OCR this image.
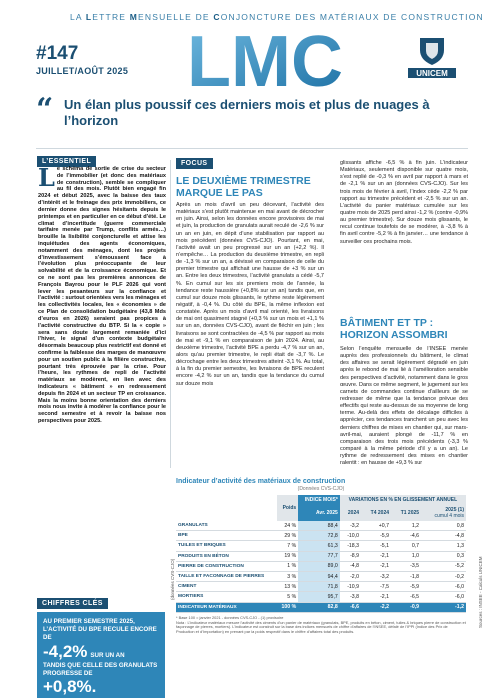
LA LETTRE MENSUELLE DE CONJONCTURE DES MATÉRIAUX DE CONSTRUCTION
#147
JUILLET/AOÛT 2025 LMC	UNICEM
“ Un élan plus poussif ces derniers mois et plus de nuages à l’horizon
L’ESSENTIEL
Le schéma de sortie de crise du secteur de l’immobilier (et donc des matériaux de construction), semble se compliquer au fil des mois. Plutôt bien engagé fin 2024 et début 2025, avec la baisse des taux d’intérêt et le freinage des prix immobiliers, ce dernier donne des signes hésitants depuis le printemps et en particulier en ce début d’été. Le climat d’incertitude (guerre commerciale tarifaire menée par Trump, conflits armés…) brouille la lisibilité conjoncturelle et attise les inquiétudes des agents économiques, notamment des ménages, dont les projets d’investissement s’émoussent face à l’évolution plus préoccupante de leur solvabilité et de la croissance économique. Et ce ne sont pas les premières annonces de François Bayrou pour le PLF 2026 qui vont lever les pesanteurs sur la confiance et l’activité : surtout orientées vers les ménages et les collectivités locales, les « économies » de ce Plan de consolidation budgétaire (43,8 Mds d’euros en 2026) seraient pas propices à l’activité constructive du BTP. Si la « copie » sera sans doute largement remaniée d’ici l’hiver, le signal d’un contexte budgétaire désormais beaucoup plus restrictif est donné et confirme la faiblesse des marges de manœuvre pour un soutien public à la filière constructive, pourtant très éprouvée par la crise. Pour l’heure, les rythmes de repli de l’activité matériaux se modèrent, en lien avec des indicateurs « bâtiment » en redressement depuis fin 2024 et un secteur TP en croissance. Mais la moins bonne orientation des derniers mois nous invite à modérer la confiance pour le second semestre et à revoir la baisse nos perspectives pour 2025.
CHIFFRES CLÉS
AU PREMIER SEMESTRE 2025, L’ACTIVITÉ DU BPE RECULE ENCORE DE
-4,2% SUR UN AN
TANDIS QUE CELLE DES GRANULATS PROGRESSE DE
+0,8%.
(données CVS-CJO)
FOCUS
LE DEUXIÈME TRIMESTRE MARQUE LE PAS
Après un mois d’avril un peu décevant, l’activité des matériaux s’est plutôt maintenue en mai avant de décrocher en juin. Ainsi, selon les données encore provisoires de mai et juin, la production de granulats aurait reculé de -2,6 % sur un an en juin, en dépit d’une stabilisation par rapport au mois précédent (données CVS-CJO). Pourtant, en mai, l’activité avait un peu progressé sur un an (+2,2 %). Il n’empêche… La production du deuxième trimestre, en repli de -1,3 % sur un an, a dévissé en comparaison de celle du premier trimestre qui affichait une hausse de +3 % sur un an. Entre les deux trimestres, l’activité granulats a cédé -5,7 %. En cumul sur les six premiers mois de l’année, la tendance reste haussière (+0,8% sur un an) tandis que, en cumul sur douze mois glissants, le rythme reste légèrement négatif, à -0,4 %. Du côté du BPE, la même inflexion est constatée. Après un mois d’avril mal orienté, les livraisons de mai ont quasiment stagné (+0,3 % sur un mois et +1,1 % sur un an, données CVS-CJO), avant de fléchir en juin ; les livraisons se sont contractées de -4,5 % par rapport au mois de mai et -9,1 % en comparaison de juin 2024. Ainsi, au deuxième trimestre, l’activité BPE a perdu -4,7 % sur un an, alors qu’au premier trimestre, le repli était de -3,7 %. Le décrochage entre les deux trimestres atteint -3,1 %. Au total, à la fin du premier semestre, les livraisons de BPE reculent encore -4,2 % sur un an, tandis que la tendance du cumul sur douze mois
glissants affiche -6,5 % à fin juin. L’indicateur Matériaux, seulement disponible sur quatre mois, s’est replié de -0,3 % en avril par rapport à mars et de -2,1 % sur un an (données CVS-CJO). Sur les trois mois de février à avril, l’index cède -2,2 % par rapport au trimestre précédent et -2,5 % sur un an. L’activité du panier matériaux cumulée sur les quatre mois de 2025 perd ainsi -1,2 % (contre -0,9% au premier trimestre). Sur douze mois glissants, le recul continue toutefois de se modérer, à -3,8 % à fin avril contre -5,2 % à fin janvier… une tendance à surveiller ces prochains mois.
BÂTIMENT ET TP : HORIZON ASSOMBRI
Selon l’enquête mensuelle de l’INSEE menée auprès des professionnels du bâtiment, le climat des affaires se serait légèrement dégradé en juin après le rebond de mai lié à l’amélioration sensible des perspectives d’activité, notamment dans le gros œuvre. Dans ce même segment, le jugement sur les carnets de commandes continue d’ailleurs de se redresser de même que la tendance prévue des effectifs qui reste au-dessus de sa moyenne de long terme. Au-delà des effets de décalage difficiles à apprécier, ces tendances tranchent un peu avec les derniers chiffres de mises en chantier qui, sur mars-avril-mai, auraient plongé de -11,7 % en comparaison des trois mois précédents (-3,3 % comparé à la même période d’il y a un an). Le rythme de redressement des mises en chantier ralentit : en hausse de +9,3 % sur
Indicateur d’activité des matériaux de construction
(Données CVS-CJO)
	Poids	INDICE MOIS*	VARIATIONS EN % EN GLISSEMENT ANNUEL			
		Avr. 2025	2024	T4 2024	T1 2025	2025 (1)
cumul 4 mois
GRANULATS	24 %	88,4	-3,2	+0,7	1,2	0,8
BPE	29 %	72,8	-10,0	-5,9	-4,6	-4,8
TUILES ET BRIQUES	7 %	61,3	-18,3	-5,1	0,7	1,3
PRODUITS EN BÉTON	19 %	77,7	-8,9	-2,1	1,0	0,3
PIERRE DE CONSTRUCTION	1 %	89,0	-4,8	-2,1	-3,5	-5,2
TAILLE ET FACONNAGE DE PIERRES	3 %	94,4	-2,0	-3,2	-1,8	-0,2
CIMENT	13 %	71,8	-10,9	-7,5	-5,9	-6,0
MORTIERS	5 %	95,7	-3,8	-2,1	-6,5	-6,0
INDICATEUR MATÉRIAUX	100 %	82,8	-6,6	-2,2	-0,9	-1,2
* Base 100 = janvier 2021 - données CVS-CJO - (1) provisoire
Nota : L’indicateur matériaux mesure l’activité des ciments d’un panier de matériaux (granulats, BPE, produits en béton, ciment, tuiles & briques pierre de construction et façonnage de pierres, mortiers). L’indicateur est construit sur la base des indices mensuels de chiffre d’affaires de l’INSEE, défalé de l’IPPI (Indice des Prix de Production et d’Importation) en prenant par la poids respectif dans le chiffre d’affaires total des produits.
Sources : INSEE - Calculs UNICEM
